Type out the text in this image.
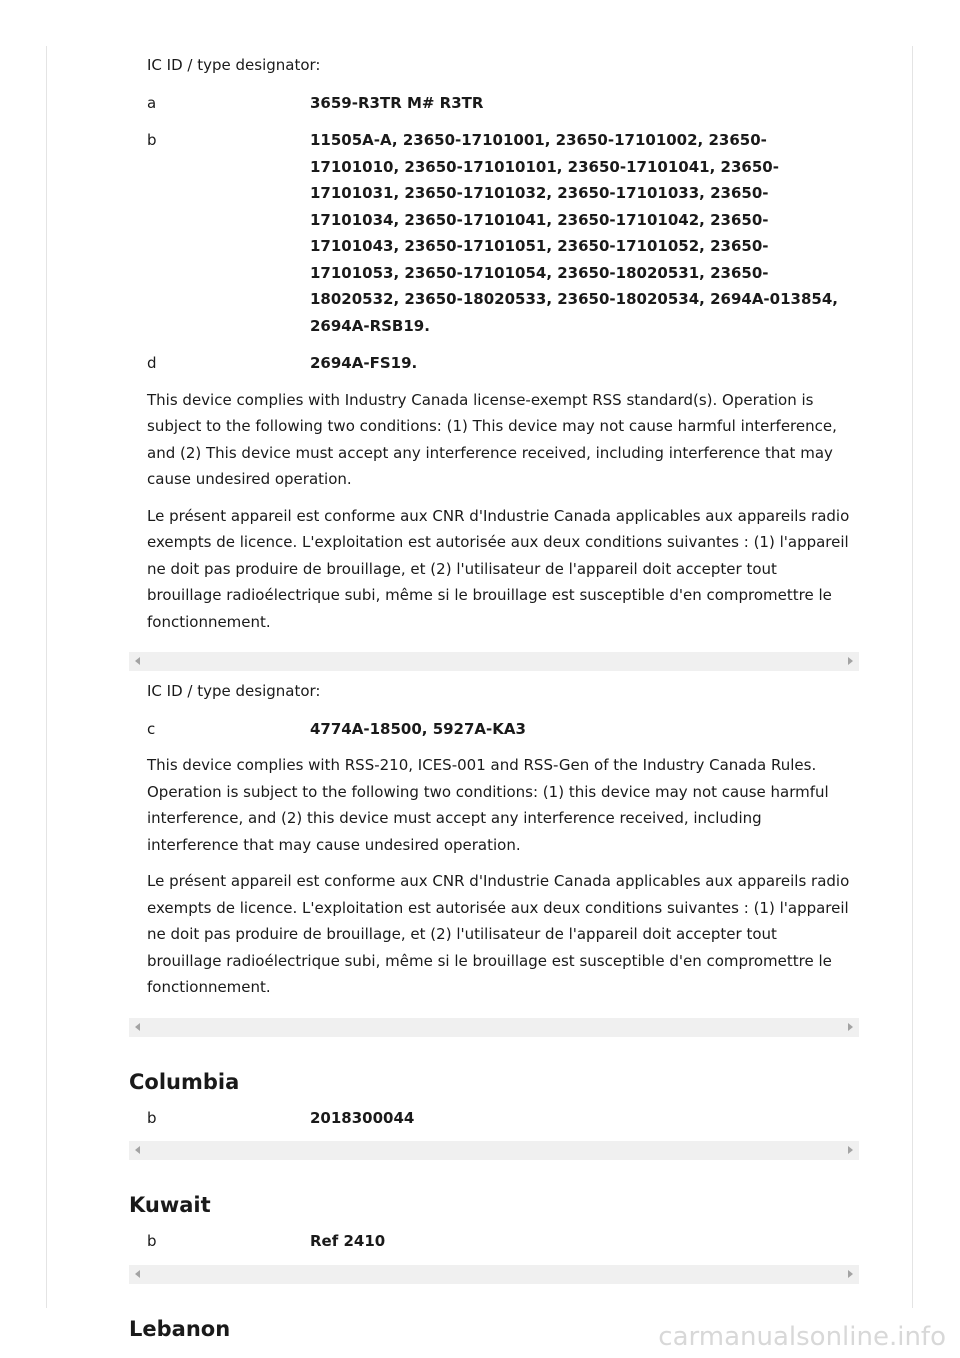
IC ID / type designator:
a	3659-R3TR M# R3TR
b	11505A-A, 23650-17101001, 23650-17101002, 23650-17101010, 23650-171010101, 23650-17101041, 23650-17101031, 23650-17101032, 23650-17101033, 23650-17101034, 23650-17101041, 23650-17101042, 23650-17101043, 23650-17101051, 23650-17101052, 23650-17101053, 23650-17101054, 23650-18020531, 23650-18020532, 23650-18020533, 23650-18020534, 2694A-013854, 2694A-RSB19.
d	2694A-FS19.
This device complies with Industry Canada license-exempt RSS standard(s). Operation is subject to the following two conditions: (1) This device may not cause harmful interference, and (2) This device must accept any interference received, including interference that may cause undesired operation.
Le présent appareil est conforme aux CNR d'Industrie Canada applicables aux appareils radio exempts de licence. L'exploitation est autorisée aux deux conditions suivantes : (1) l'appareil ne doit pas produire de brouillage, et (2) l'utilisateur de l'appareil doit accepter tout brouillage radioélectrique subi, même si le brouillage est susceptible d'en compromettre le fonctionnement.
IC ID / type designator:
c	4774A-18500, 5927A-KA3
This device complies with RSS-210, ICES-001 and RSS-Gen of the Industry Canada Rules. Operation is subject to the following two conditions: (1) this device may not cause harmful interference, and (2) this device must accept any interference received, including interference that may cause undesired operation.
Le présent appareil est conforme aux CNR d'Industrie Canada applicables aux appareils radio exempts de licence. L'exploitation est autorisée aux deux conditions suivantes : (1) l'appareil ne doit pas produire de brouillage, et (2) l'utilisateur de l'appareil doit accepter tout brouillage radioélectrique subi, même si le brouillage est susceptible d'en compromettre le fonctionnement.
Columbia
b	2018300044
Kuwait
b	Ref 2410
Lebanon	carmanualsonline.info
